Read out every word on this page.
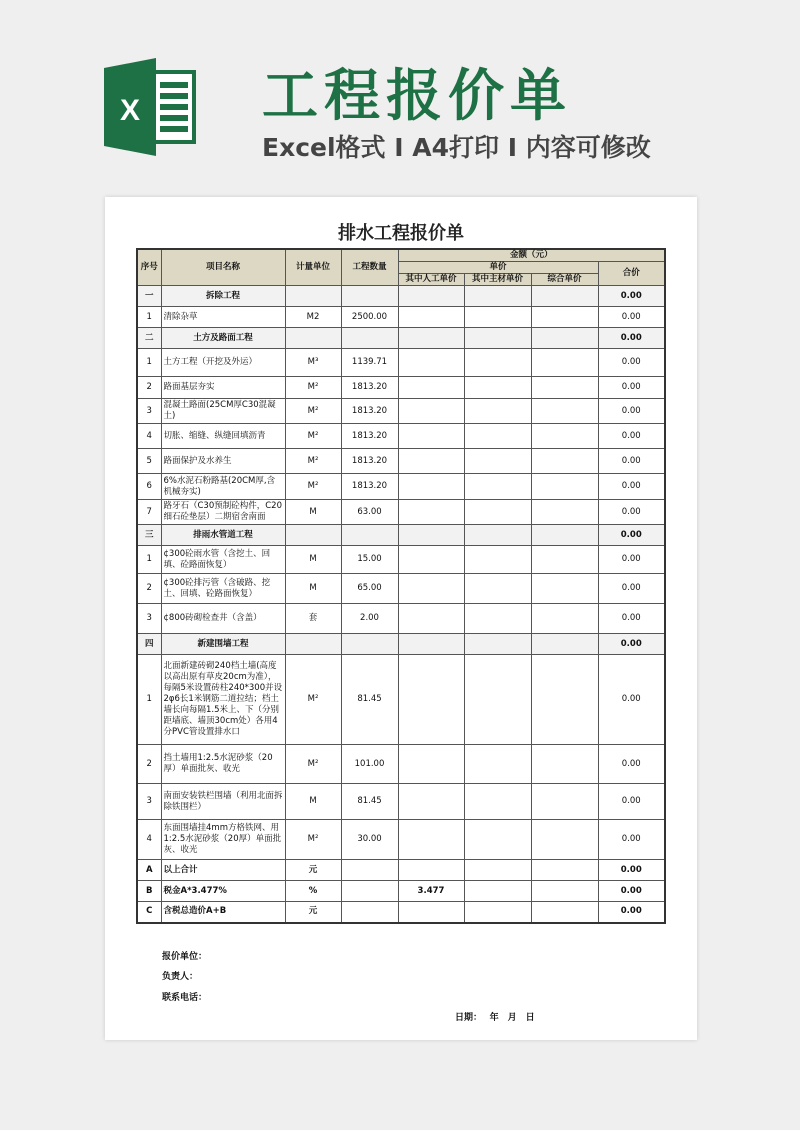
X 工程报价单
Excel格式 I A4打印 I 内容可修改
排水工程报价单
序号	项目名称	计量单位	工程数量	金额（元）			
				单价			合价
				其中人工单价	其中主材单价	综合单价	
一	拆除工程						0.00
1	清除杂草	M2	2500.00				0.00
二	土方及路面工程						0.00
1	土方工程（开挖及外运）	M³	1139.71				0.00
2	路面基层夯实	M²	1813.20				0.00
3	混凝土路面(25CM厚C30混凝土)	M²	1813.20				0.00
4	切胀、缩缝、纵缝回填沥青	M²	1813.20				0.00
5	路面保护及水养生	M²	1813.20				0.00
6	6%水泥石粉路基(20CM厚,含机械夯实)	M²	1813.20				0.00
7	路牙石（C30预制砼构件，C20细石砼垫层）二期宿舍南面	M	63.00				0.00
三	排雨水管道工程						0.00
1	¢300砼雨水管（含挖土、回填、砼路面恢复）	M	15.00				0.00
2	¢300砼排污管（含破路、挖土、回填、砼路面恢复）	M	65.00				0.00
3	¢800砖砌检查井（含盖）	套	2.00				0.00
四	新建围墙工程						0.00
1	北面新建砖砌240档土墙(高度以高出原有草皮20cm为准），每隔5米设置砖柱240*300并设2φ6长1米钢筋二道拉结；档土墙长向每隔1.5米上、下（分别距墙底、墙顶30cm处）各用4分PVC管设置排水口	M²	81.45				0.00
2	挡土墙用1:2.5水泥砂浆（20厚）单面批灰、收光	M²	101.00				0.00
3	南面安装铁栏围墙（利用北面拆除铁围栏）	M	81.45				0.00
4	东面围墙挂4mm方格铁网、用1:2.5水泥砂浆（20厚）单面批灰、收光	M²	30.00				0.00
A	以上合计	元					0.00
B	税金A*3.477%	%		3.477			0.00
C	含税总造价A+B	元					0.00
报价单位：
负责人：
联系电话：
日期：　 年　月　日
